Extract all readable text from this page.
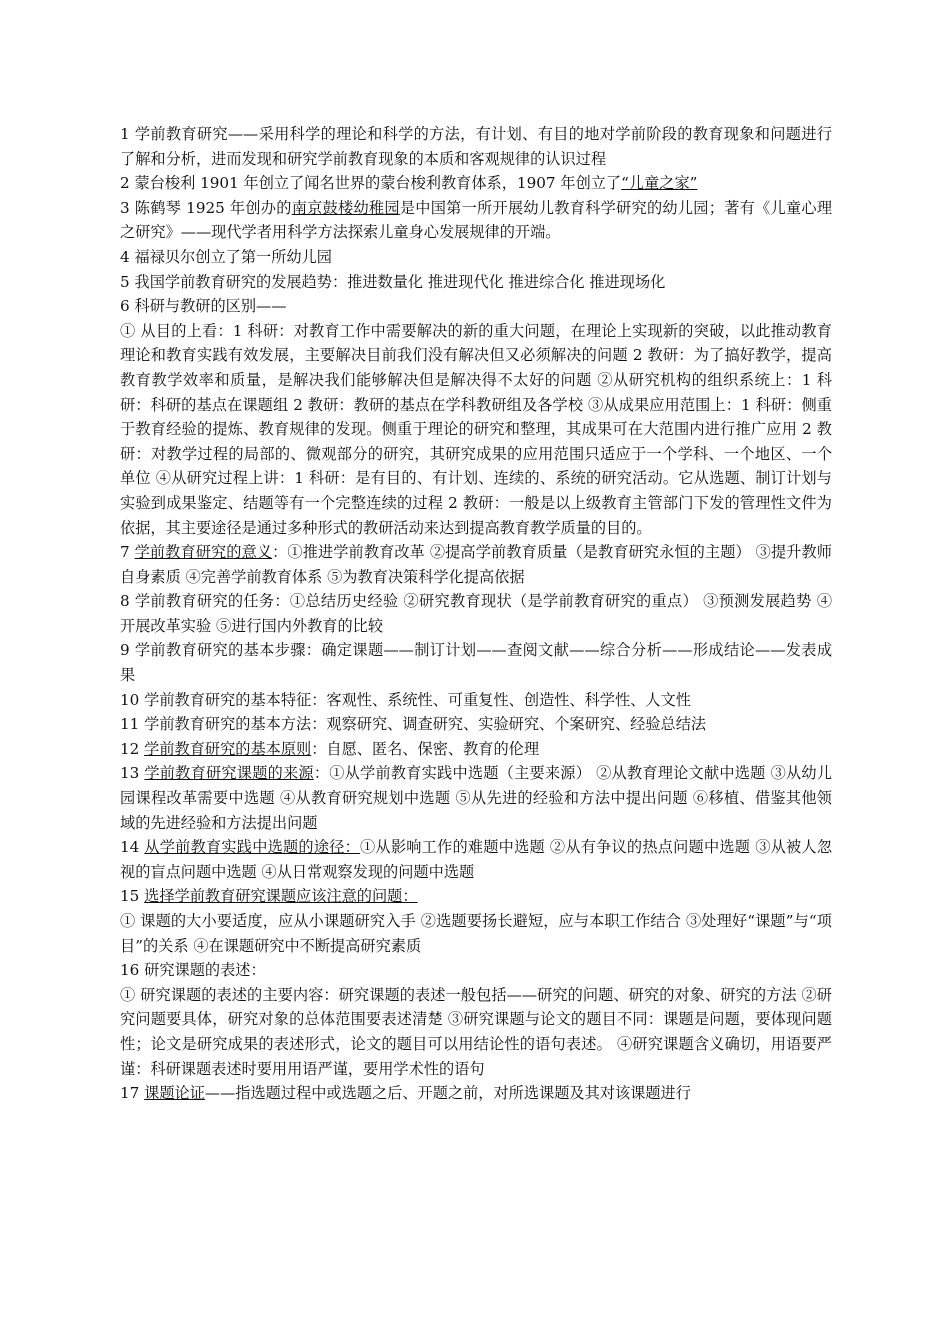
1 学前教育研究——采用科学的理论和科学的方法，有计划、有目的地对学前阶段的教育现象和问题进行了解和分析，进而发现和研究学前教育现象的本质和客观规律的认识过程

2 蒙台梭利 1901 年创立了闻名世界的蒙台梭利教育体系，1907 年创立了“儿童之家”

3 陈鹤琴 1925 年创办的南京鼓楼幼稚园是中国第一所开展幼儿教育科学研究的幼儿园；著有《儿童心理之研究》——现代学者用科学方法探索儿童身心发展规律的开端。

4 福禄贝尔创立了第一所幼儿园

5 我国学前教育研究的发展趋势：推进数量化 推进现代化 推进综合化 推进现场化

6 科研与教研的区别——

① 从目的上看：1 科研：对教育工作中需要解决的新的重大问题，在理论上实现新的突破，以此推动教育理论和教育实践有效发展，主要解决目前我们没有解决但又必须解决的问题 2 教研：为了搞好教学，提高教育教学效率和质量，是解决我们能够解决但是解决得不太好的问题 ②从研究机构的组织系统上：1 科研：科研的基点在课题组 2 教研：教研的基点在学科教研组及各学校 ③从成果应用范围上：1 科研：侧重于教育经验的提炼、教育规律的发现。侧重于理论的研究和整理，其成果可在大范围内进行推广应用 2 教研：对教学过程的局部的、微观部分的研究，其研究成果的应用范围只适应于一个学科、一个地区、一个单位 ④从研究过程上讲：1 科研：是有目的、有计划、连续的、系统的研究活动。它从选题、制订计划与实验到成果鉴定、结题等有一个完整连续的过程 2 教研：一般是以上级教育主管部门下发的管理性文件为依据，其主要途径是通过多种形式的教研活动来达到提高教育教学质量的目的。

7 学前教育研究的意义：①推进学前教育改革 ②提高学前教育质量（是教育研究永恒的主题） ③提升教师自身素质 ④完善学前教育体系 ⑤为教育决策科学化提高依据

8 学前教育研究的任务：①总结历史经验 ②研究教育现状（是学前教育研究的重点） ③预测发展趋势 ④开展改革实验 ⑤进行国内外教育的比较

9 学前教育研究的基本步骤：确定课题——制订计划——查阅文献——综合分析——形成结论——发表成果

10 学前教育研究的基本特征：客观性、系统性、可重复性、创造性、科学性、人文性

11 学前教育研究的基本方法：观察研究、调查研究、实验研究、个案研究、经验总结法

12 学前教育研究的基本原则：自愿、匿名、保密、教育的伦理

13 学前教育研究课题的来源：①从学前教育实践中选题（主要来源） ②从教育理论文献中选题 ③从幼儿园课程改革需要中选题 ④从教育研究规划中选题 ⑤从先进的经验和方法中提出问题 ⑥移植、借鉴其他领域的先进经验和方法提出问题

14 从学前教育实践中选题的途径：①从影响工作的难题中选题 ②从有争议的热点问题中选题 ③从被人忽视的盲点问题中选题 ④从日常观察发现的问题中选题

15 选择学前教育研究课题应该注意的问题：

① 课题的大小要适度，应从小课题研究入手 ②选题要扬长避短，应与本职工作结合 ③处理好“课题”与“项目”的关系 ④在课题研究中不断提高研究素质

16 研究课题的表述：

① 研究课题的表述的主要内容：研究课题的表述一般包括——研究的问题、研究的对象、研究的方法 ②研究问题要具体，研究对象的总体范围要表述清楚 ③研究课题与论文的题目不同：课题是问题，要体现问题性；论文是研究成果的表述形式，论文的题目可以用结论性的语句表述。 ④研究课题含义确切，用语要严谨：科研课题表述时要用用语严谨，要用学术性的语句

17 课题论证——指选题过程中或选题之后、开题之前，对所选课题及其对该课题进行
